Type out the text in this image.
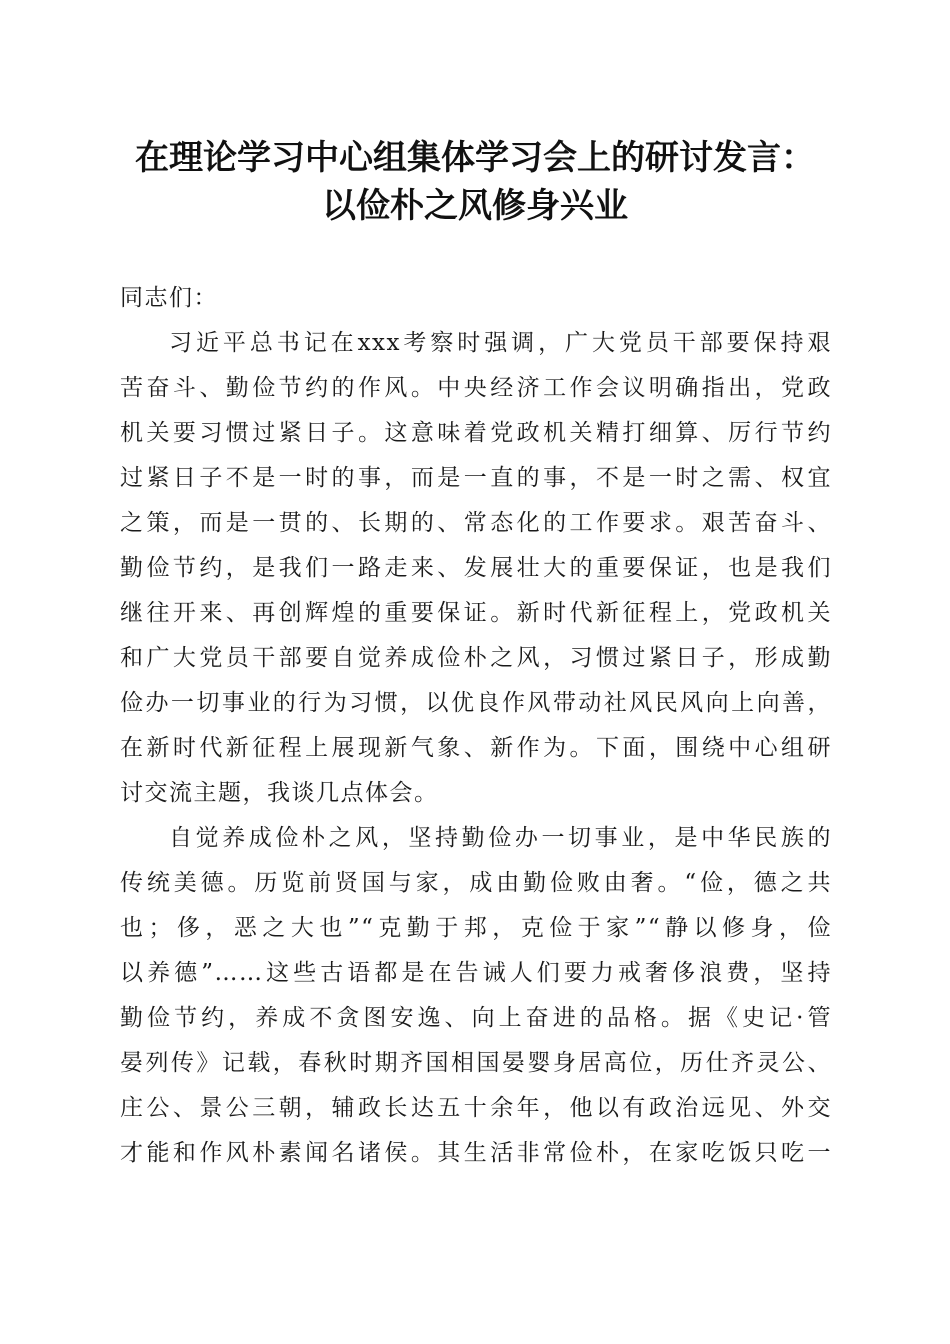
在理论学习中心组集体学习会上的研讨发言：
以俭朴之风修身兴业

同志们：

习近平总书记在xxx考察时强调，广大党员干部要保持艰

苦奋斗、勤俭节约的作风。中央经济工作会议明确指出，党政

机关要习惯过紧日子。这意味着党政机关精打细算、厉行节约

过紧日子不是一时的事，而是一直的事，不是一时之需、权宜

之策，而是一贯的、长期的、常态化的工作要求。艰苦奋斗、

勤俭节约，是我们一路走来、发展壮大的重要保证，也是我们

继往开来、再创辉煌的重要保证。新时代新征程上，党政机关

和广大党员干部要自觉养成俭朴之风，习惯过紧日子，形成勤

俭办一切事业的行为习惯，以优良作风带动社风民风向上向善，

在新时代新征程上展现新气象、新作为。下面，围绕中心组研

讨交流主题，我谈几点体会。

自觉养成俭朴之风，坚持勤俭办一切事业，是中华民族的

传统美德。历览前贤国与家，成由勤俭败由奢。“俭，德之共

也；侈，恶之大也”“克勤于邦，克俭于家”“静以修身，俭

以养德”……这些古语都是在告诫人们要力戒奢侈浪费，坚持

勤俭节约，养成不贪图安逸、向上奋进的品格。据《史记·管

晏列传》记载，春秋时期齐国相国晏婴身居高位，历仕齐灵公、

庄公、景公三朝，辅政长达五十余年，他以有政治远见、外交

才能和作风朴素闻名诸侯。其生活非常俭朴，在家吃饭只吃一
